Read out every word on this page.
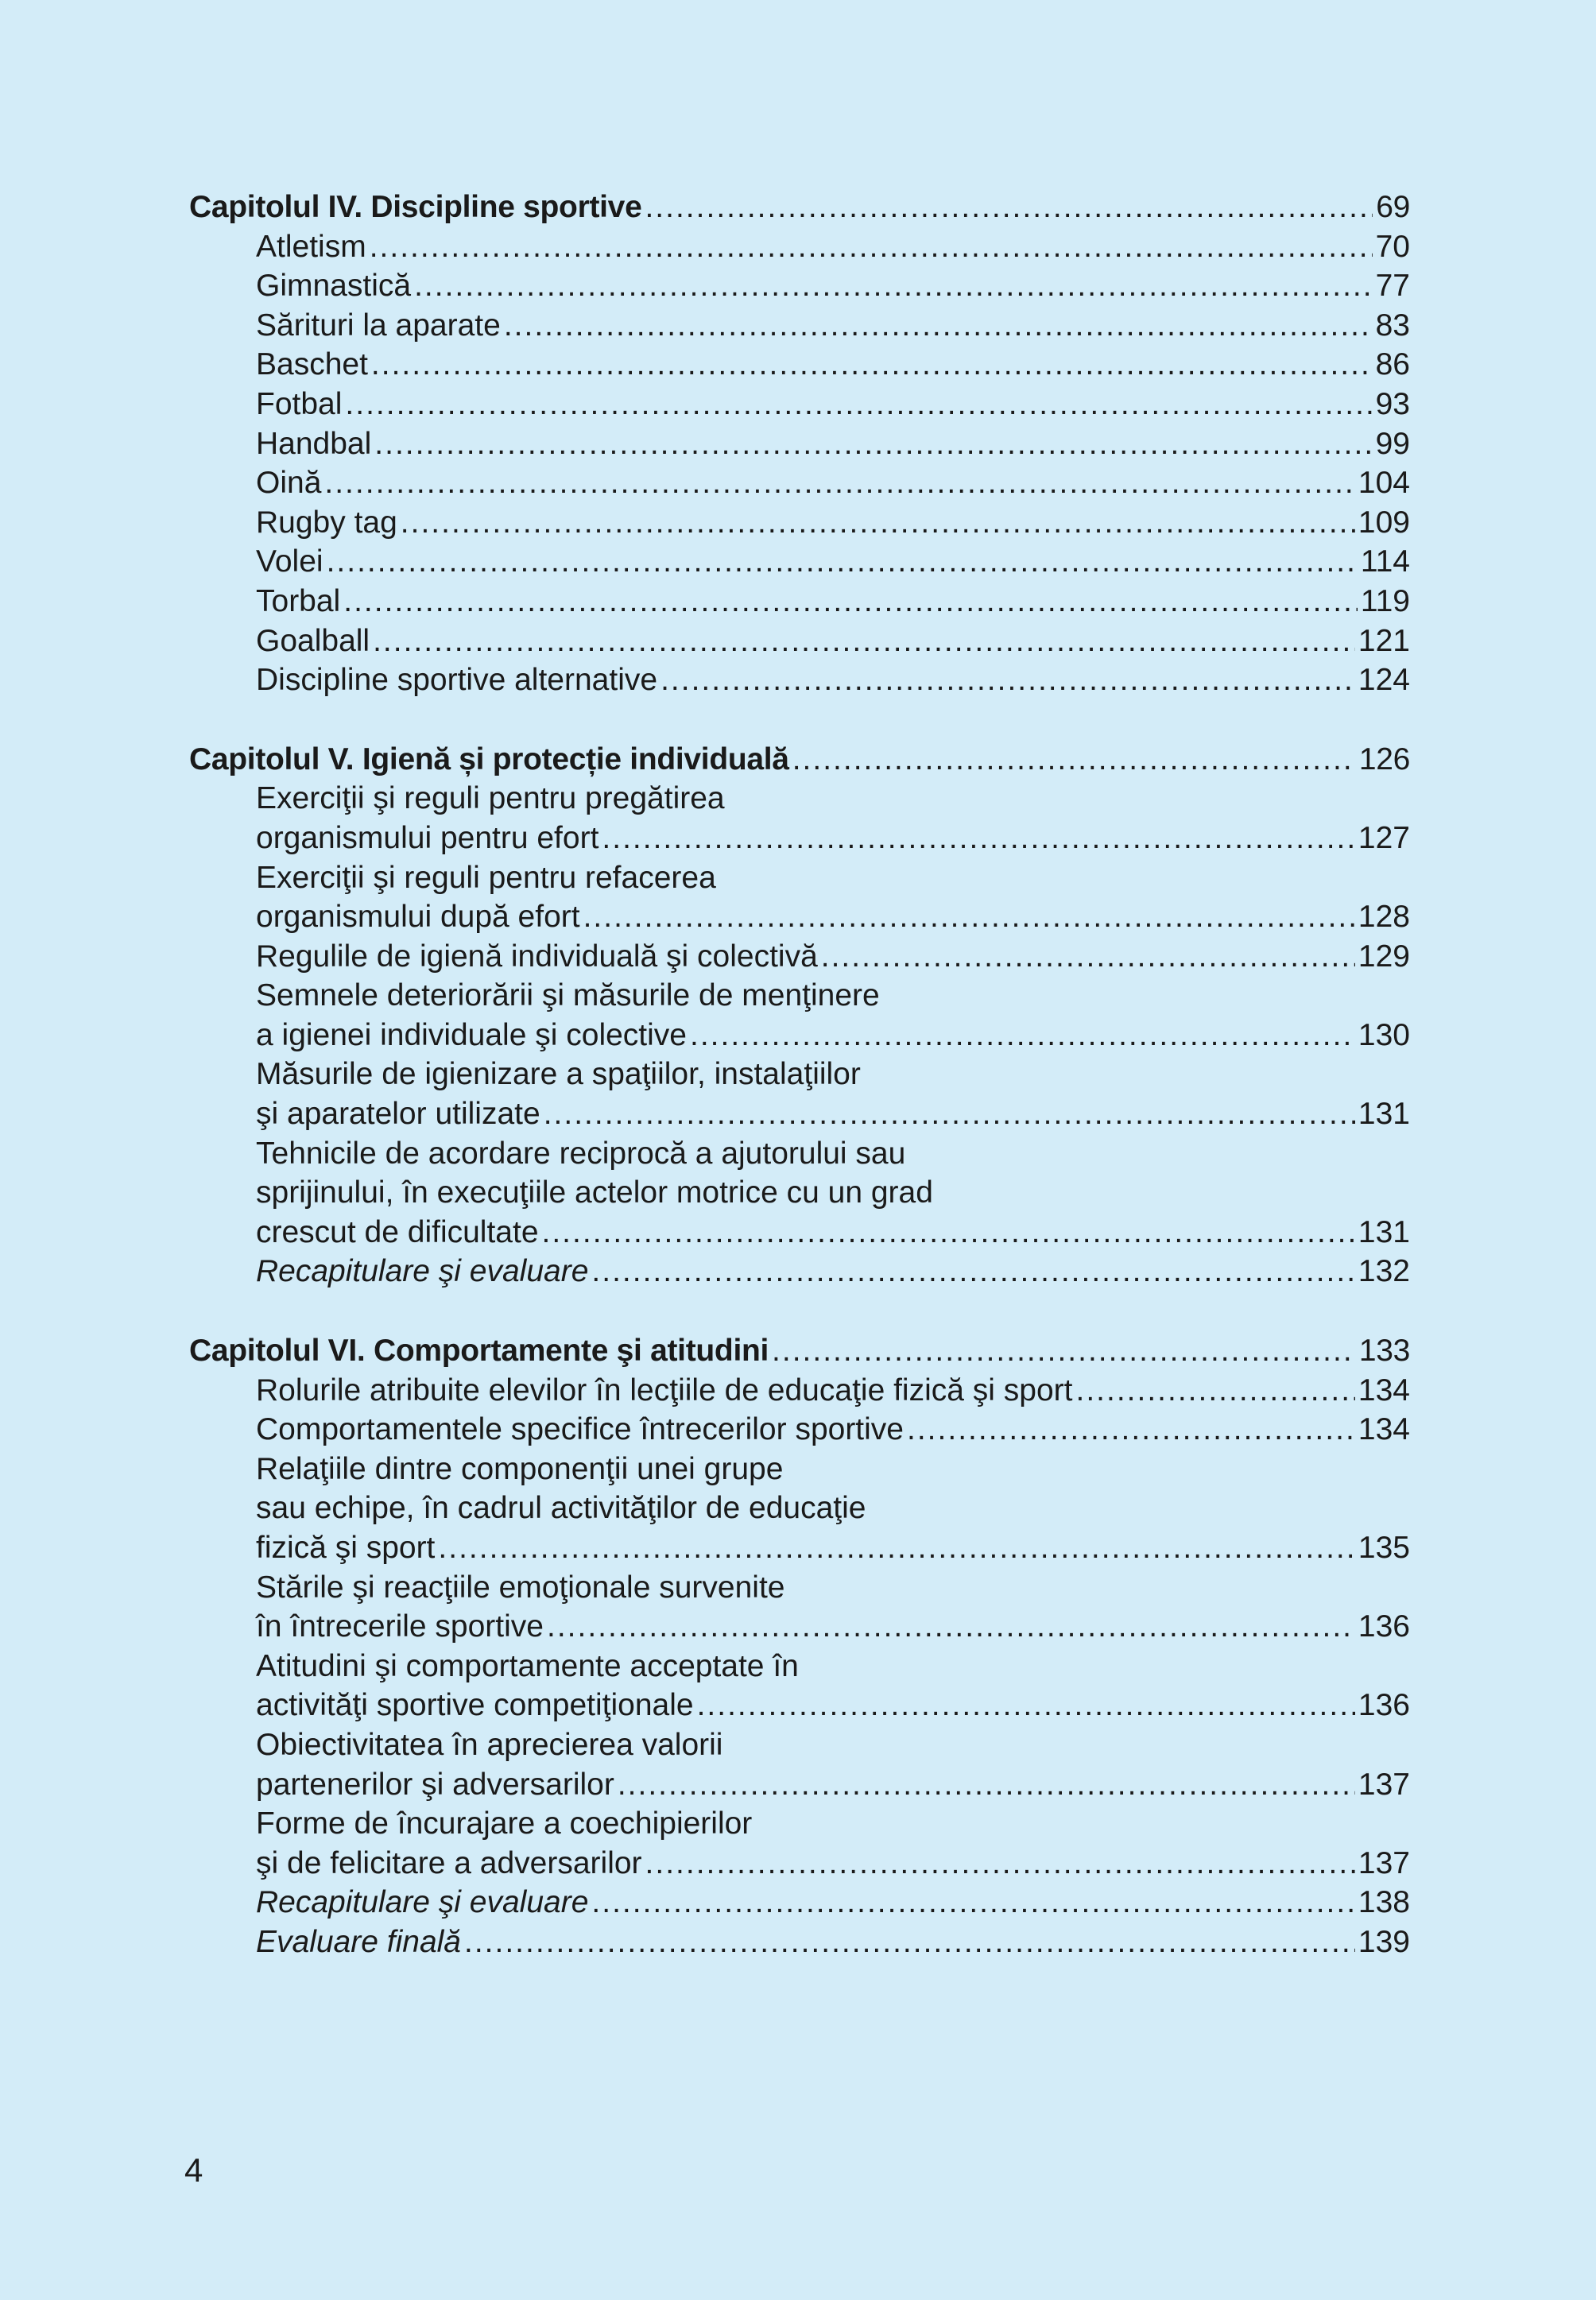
Capitolul IV. Discipline sportive .....	69
Atletism .....	70
Gimnastică .....	77
Sărituri la aparate .....	83
Baschet .....	86
Fotbal .....	93
Handbal .....	99
Oină .....	104
Rugby tag .....	109
Volei .....	114
Torbal .....	119
Goalball .....	121
Discipline sportive alternative .....	124
Capitolul V. Igienă și protecție individuală .....	126
Exerciţii şi reguli pentru pregătirea
organismului pentru efort .....	127
Exerciţii şi reguli pentru refacerea
organismului după efort .....	128
Regulile de igienă individuală şi colectivă .....	129
Semnele deteriorării şi măsurile de menţinere
a igienei individuale şi colective .....	130
Măsurile de igienizare a spaţiilor, instalaţiilor
şi aparatelor utilizate .....	131
Tehnicile de acordare reciprocă a ajutorului sau
sprijinului, în execuţiile actelor motrice cu un grad
crescut de dificultate .....	131
Recapitulare şi evaluare .....	132
Capitolul VI. Comportamente şi atitudini .....	133
Rolurile atribuite elevilor în lecţiile de educaţie fizică şi sport .....	134
Comportamentele specifice întrecerilor sportive .....	134
Relaţiile dintre componenţii unei grupe
sau echipe, în cadrul activităţilor de educaţie
fizică şi sport .....	135
Stările şi reacţiile emoţionale survenite
în întrecerile sportive .....	136
Atitudini şi comportamente acceptate în
activităţi sportive competiţionale .....	136
Obiectivitatea în aprecierea valorii
partenerilor şi adversarilor .....	137
Forme de încurajare a coechipierilor
şi de felicitare a adversarilor .....	137
Recapitulare şi evaluare .....	138
Evaluare finală .....	139
4
